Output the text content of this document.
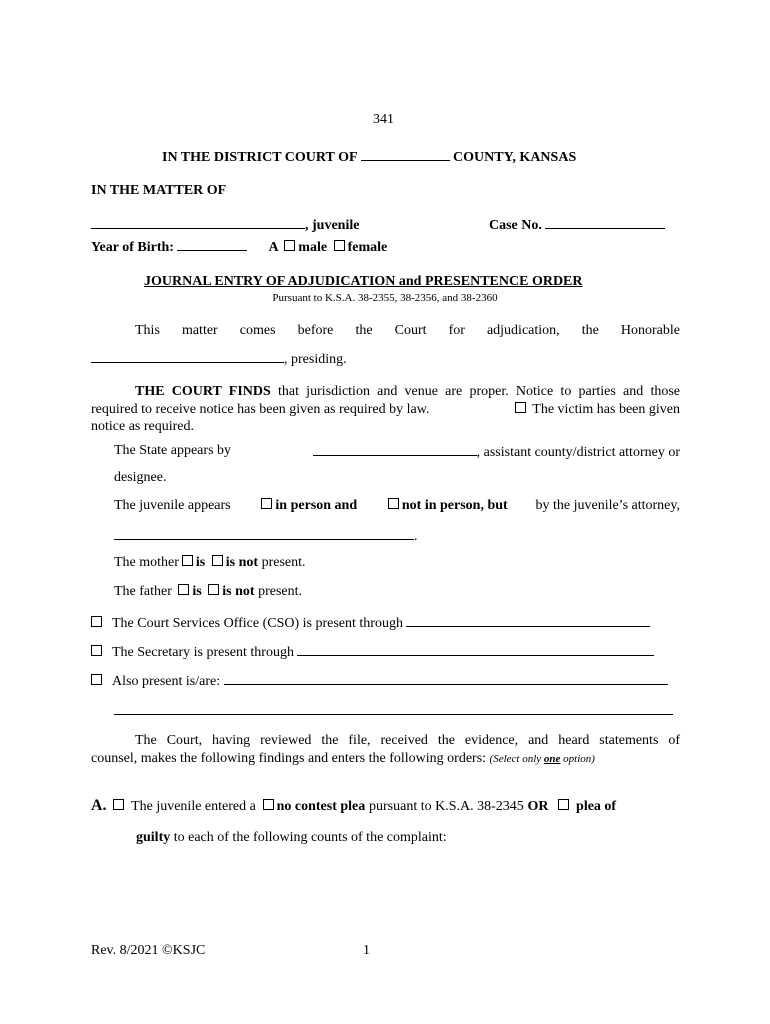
341
IN THE DISTRICT COURT OF	COUNTY, KANSAS
IN THE MATTER OF
, juvenile	Case No.
Year of Birth:	A male female
JOURNAL ENTRY OF ADJUDICATION and PRESENTENCE ORDER
Pursuant to K.S.A. 38-2355, 38-2356, and 38-2360
This matter comes before the Court for adjudication, the Honorable
, presiding.
THE COURT FINDS that jurisdiction and venue are proper. Notice to parties and those
required to receive notice has been given as required by law.	The victim has been given
notice as required.
The State appears by	, assistant county/district attorney or
designee.
The juvenile appears	in person and	not in person, but by the juvenile’s attorney,
.
The mother is is not present.
The father is is not present.
The Court Services Office (CSO) is present through
The Secretary is present through
Also present is/are:
The Court, having reviewed the file, received the evidence, and heard statements of
counsel, makes the following findings and enters the following orders: (Select only one option)
A. The juvenile entered a no contest plea pursuant to K.S.A. 38-2345 OR plea of
guilty to each of the following counts of the complaint:
Rev. 8/2021 ©KSJC	1
